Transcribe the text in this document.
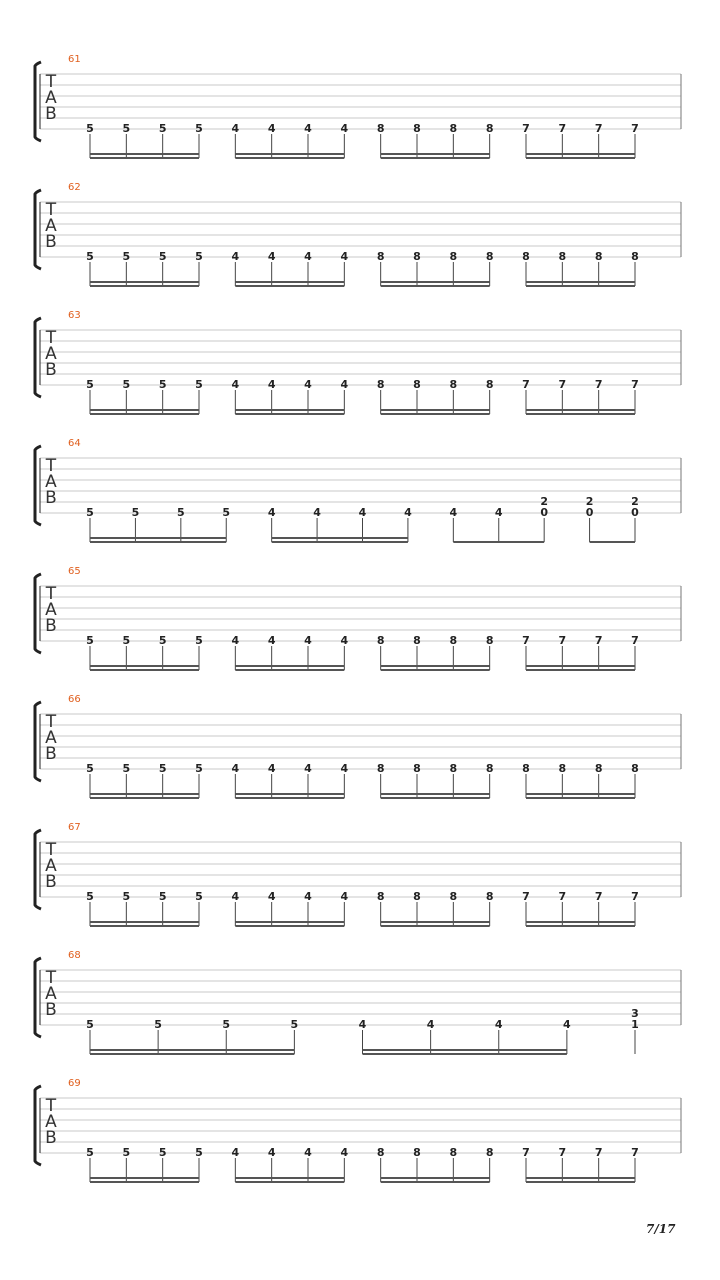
61
T
A
B
5	5	5	5	4	4	4	4	8	8	8	8	7	7	7	7
62
T
A
B
5	5	5	5	4	4	4	4	8	8	8	8	8	8	8	8
63
T
A
B
5	5	5	5	4	4	4	4	8	8	8	8	7	7	7	7
64
T
A
B
5	5	5	5	4	4	4	4	4	4
2
0
2
0
2
0
65
T
A
B
5	5	5	5	4	4	4	4	8	8	8	8	7	7	7	7
66
T
A
B
5	5	5	5	4	4	4	4	8	8	8	8	8	8	8	8
67
T
A
B
5	5	5	5	4	4	4	4	8	8	8	8	7	7	7	7
68
T
A
B
5	5	5	5	4	4	4	4
3
1
69
T
A
B
5	5	5	5	4	4	4	4	8	8	8	8	7	7	7	7
7/17
